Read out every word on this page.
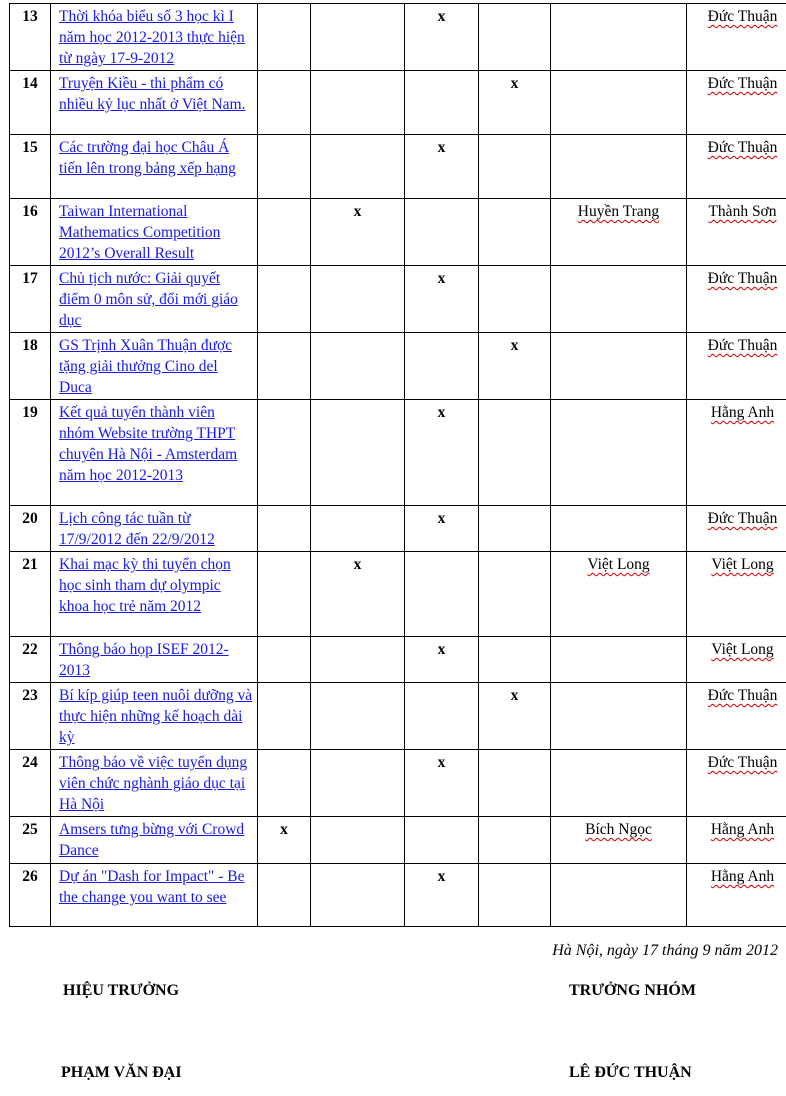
13	Thời khóa biểu số 3 học kì I năm học 2012-2013 thực hiện từ ngày 17-9-2012			x			Đức Thuận
14	Truyện Kiều - thi phẩm có nhiều kỷ lục nhất ở Việt Nam.				x		Đức Thuận
15	Các trường đại học Châu Á tiến lên trong bảng xếp hạng			x			Đức Thuận
16	Taiwan International Mathematics Competition 2012’s Overall Result		x			Huyền Trang	Thành Sơn
17	Chủ tịch nước: Giải quyết điểm 0 môn sử, đổi mới giáo dục			x			Đức Thuận
18	GS Trịnh Xuân Thuận được tặng giải thưởng Cino del Duca				x		Đức Thuận
19	Kết quả tuyển thành viên nhóm Website trường THPT chuyên Hà Nội - Amsterdam năm học 2012-2013			x			Hằng Anh
20	Lịch công tác tuần từ 17/9/2012 đến 22/9/2012			x			Đức Thuận
21	Khai mạc kỳ thi tuyển chọn học sinh tham dự olympic khoa học trẻ năm 2012		x			Việt Long	Việt Long
22	Thông báo họp ISEF 2012-2013			x			Việt Long
23	Bí kíp giúp teen nuôi dưỡng và thực hiện những kế hoạch dài kỳ				x		Đức Thuận
24	Thông báo về việc tuyển dụng viên chức nghành giáo dục tại Hà Nội			x			Đức Thuận
25	Amsers tưng bừng với Crowd Dance	x				Bích Ngọc	Hằng Anh
26	Dự án "Dash for Impact" - Be the change you want to see			x			Hằng Anh
Hà Nội, ngày 17 tháng 9 năm 2012
HIỆU TRƯỞNG	TRƯỞNG NHÓM
PHẠM VĂN ĐẠI	LÊ ĐỨC THUẬN
